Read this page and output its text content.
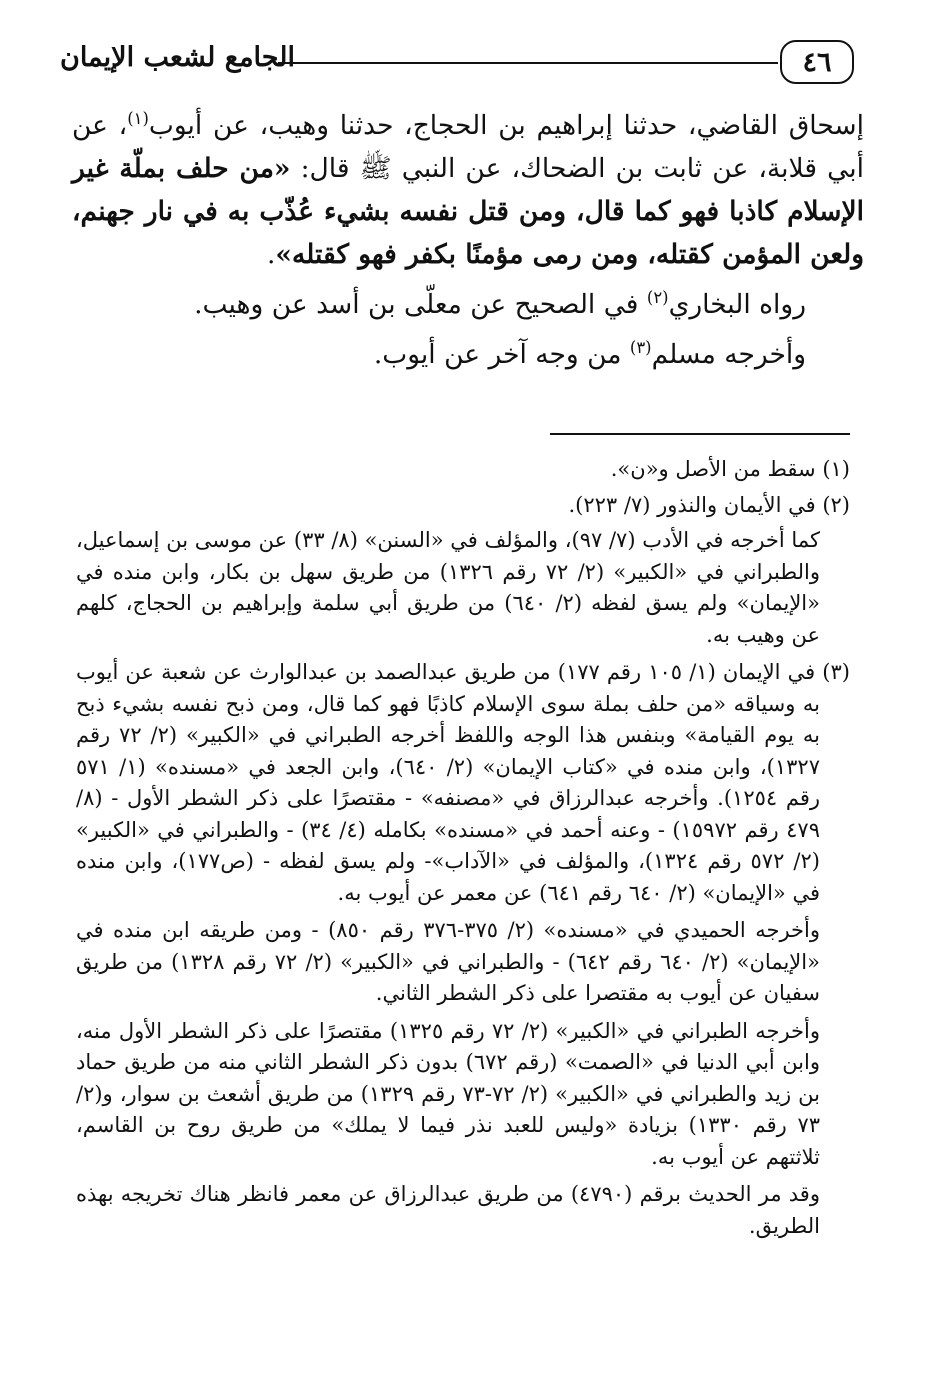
٤٦
الجامع لشعب الإيمان

إسحاق القاضي، حدثنا إبراهيم بن الحجاج، حدثنا وهيب، عن أيوب$^{(١)}$، عن أبي قلابة، عن ثابت بن الضحاك، عن النبي ﷺ قال: «من حلف بملّة غير الإسلام كاذبا فهو كما قال، ومن قتل نفسه بشيء عُذّب به في نار جهنم، ولعن المؤمن كقتله، ومن رمى مؤمنًا بكفر فهو كقتله».

رواه البخاري$^{(٢)}$ في الصحيح عن معلّى بن أسد عن وهيب.

وأخرجه مسلم$^{(٣)}$ من وجه آخر عن أيوب.

(١) سقط من الأصل و«ن».

(٢) في الأيمان والنذور (٧/ ٢٢٣).

كما أخرجه في الأدب (٧/ ٩٧)، والمؤلف في «السنن» (٨/ ٣٣) عن موسى بن إسماعيل، والطبراني في «الكبير» (٢/ ٧٢ رقم ١٣٢٦) من طريق سهل بن بكار، وابن منده في «الإيمان» ولم يسق لفظه (٢/ ٦٤٠) من طريق أبي سلمة وإبراهيم بن الحجاج، كلهم عن وهيب به.

(٣) في الإيمان (١/ ١٠٥ رقم ١٧٧) من طريق عبدالصمد بن عبدالوارث عن شعبة عن أيوب به وسياقه «من حلف بملة سوى الإسلام كاذبًا فهو كما قال، ومن ذبح نفسه بشيء ذبح به يوم القيامة» وبنفس هذا الوجه واللفظ أخرجه الطبراني في «الكبير» (٢/ ٧٢ رقم ١٣٢٧)، وابن منده في «كتاب الإيمان» (٢/ ٦٤٠)، وابن الجعد في «مسنده» (١/ ٥٧١ رقم ١٢٥٤). وأخرجه عبدالرزاق في «مصنفه» - مقتصرًا على ذكر الشطر الأول - (٨/ ٤٧٩ رقم ١٥٩٧٢) - وعنه أحمد في «مسنده» بكامله (٤/ ٣٤) - والطبراني في «الكبير» (٢/ ٥٧٢ رقم ١٣٢٤)، والمؤلف في «الآداب»- ولم يسق لفظه - (ص١٧٧)، وابن منده في «الإيمان» (٢/ ٦٤٠ رقم ٦٤١) عن معمر عن أيوب به.

وأخرجه الحميدي في «مسنده» (٢/ ٣٧٥-٣٧٦ رقم ٨٥٠) - ومن طريقه ابن منده في «الإيمان» (٢/ ٦٤٠ رقم ٦٤٢) - والطبراني في «الكبير» (٢/ ٧٢ رقم ١٣٢٨) من طريق سفيان عن أيوب به مقتصرا على ذكر الشطر الثاني.

وأخرجه الطبراني في «الكبير» (٢/ ٧٢ رقم ١٣٢٥) مقتصرًا على ذكر الشطر الأول منه، وابن أبي الدنيا في «الصمت» (رقم ٦٧٢) بدون ذكر الشطر الثاني منه من طريق حماد بن زيد والطبراني في «الكبير» (٢/ ٧٢-٧٣ رقم ١٣٢٩) من طريق أشعث بن سوار، و(٢/ ٧٣ رقم ١٣٣٠) بزيادة «وليس للعبد نذر فيما لا يملك» من طريق روح بن القاسم، ثلاثتهم عن أيوب به.

وقد مر الحديث برقم (٤٧٩٠) من طريق عبدالرزاق عن معمر فانظر هناك تخريجه بهذه الطريق.
